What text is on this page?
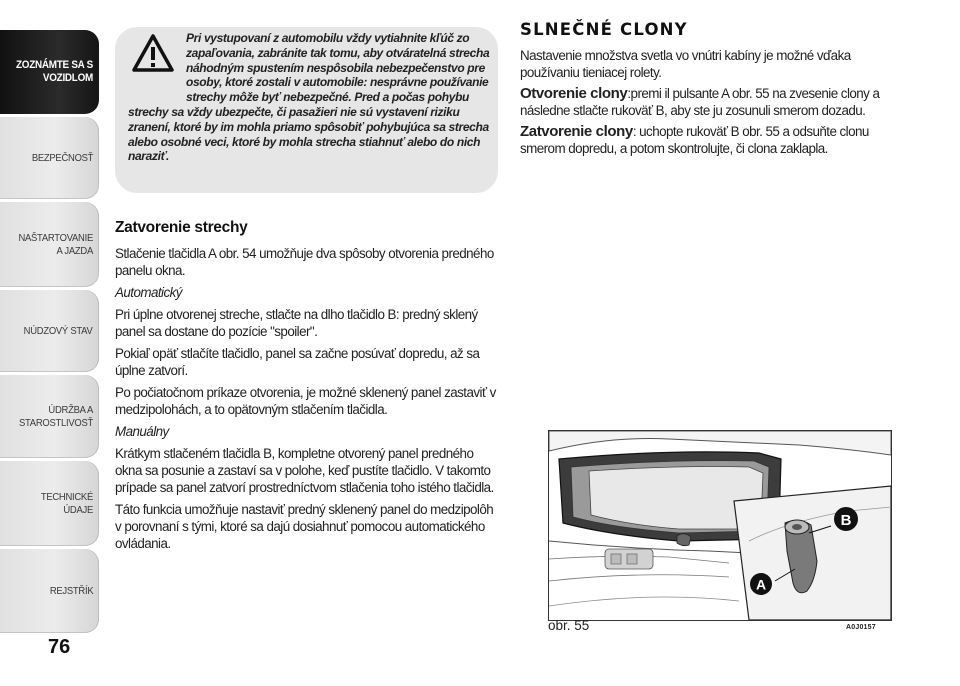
ZOZNÁMTE SA S VOZIDLOM
BEZPEČNOSŤ
NAŠTARTOVANIE A JAZDA
NÚDZOVÝ STAV
ÚDRŽBA A STAROSTLIVOSŤ
TECHNICKÉ ÚDAJE
REJSTŘÍK
76

Pri vystupovaní z automobilu vždy vytiahnite kľúč zo zapaľovania, zabránite tak tomu, aby otváratelná strecha náhodným spustením nespôsobila nebezpečenstvo pre osoby, ktoré zostali v automobile: nesprávne používanie strechy môže byť nebezpečné. Pred a počas pohybu strechy sa vždy ubezpečte, či pasažieri nie sú vystavení riziku zranení, ktoré by im mohla priamo spôsobiť pohybujúca sa strecha alebo osobné veci, ktoré by mohla strecha stiahnuť alebo do nich naraziť.

Zatvorenie strechy

Stlačenie tlačidla A obr. 54 umožňuje dva spôsoby otvorenia predného panelu okna.

Automatický

Pri úplne otvorenej streche, stlačte na dlho tlačidlo B: predný sklený panel sa dostane do pozície "spoiler".

Pokiaľ opäť stlačíte tlačidlo, panel sa začne posúvať dopredu, až sa úplne zatvorí.

Po počiatočnom príkaze otvorenia, je možné sklenený panel zastaviť v medzipolohách, a to opätovným stlačením tlačidla.

Manuálny

Krátkym stlačeném tlačidla B, kompletne otvorený panel predného okna sa posunie a zastaví sa v polohe, keď pustíte tlačidlo. V takomto prípade sa panel zatvorí prostredníctvom stlačenia toho istého tlačidla.

Táto funkcia umožňuje nastaviť predný sklenený panel do medzipolôh v porovnaní s tými, ktoré sa dajú dosiahnuť pomocou automatického ovládania.

SLNEČNÉ CLONY

Nastavenie množstva svetla vo vnútri kabíny je možné vďaka používaniu tieniacej rolety.

Otvorenie clony:premi il pulsante A obr. 55 na zvesenie clony a následne stlačte rukoväť B, aby ste ju zosunuli smerom dozadu.

Zatvorenie clony: uchopte rukoväť B obr. 55 a odsuňte clonu smerom dopredu, a potom skontrolujte, či clona zaklapla.

B
A
obr. 55	A0J0157
